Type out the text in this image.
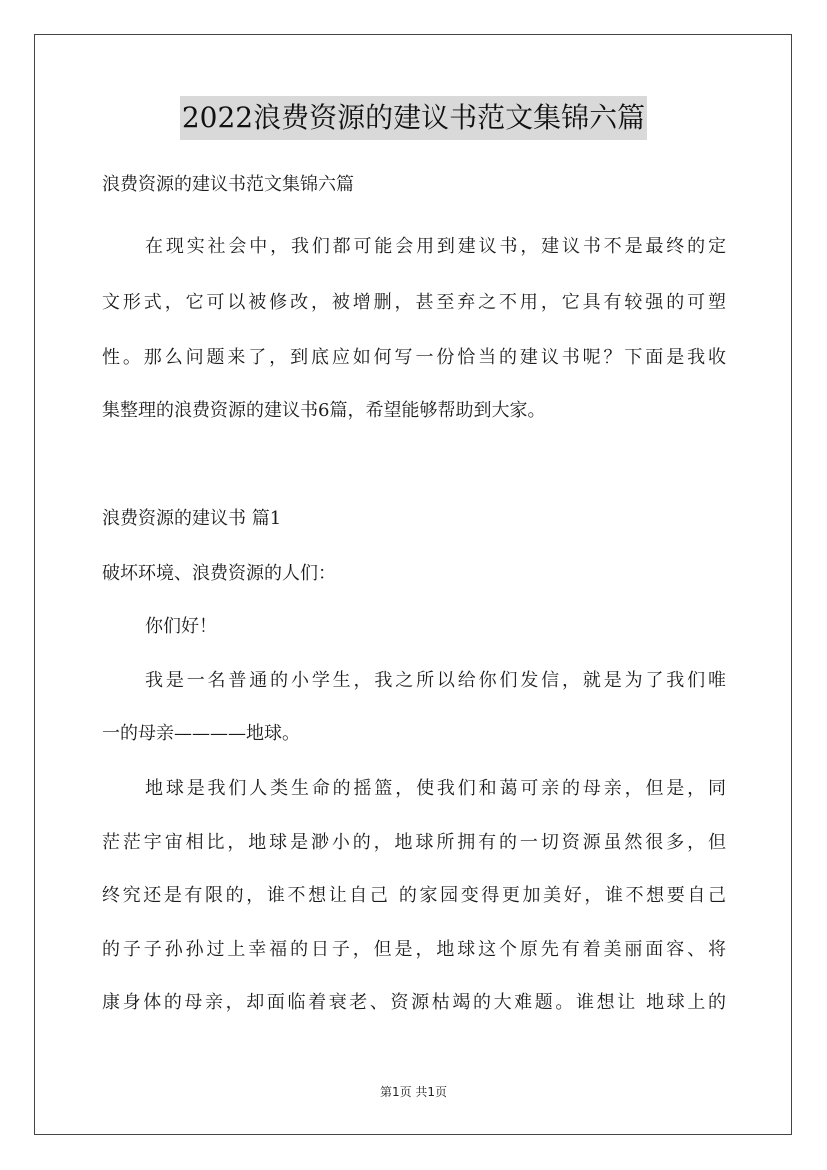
2022浪费资源的建议书范文集锦六篇
浪费资源的建议书范文集锦六篇
在现实社会中，我们都可能会用到建议书，建议书不是最终的定
文形式，它可以被修改，被增删，甚至弃之不用，它具有较强的可塑
性。那么问题来了，到底应如何写一份恰当的建议书呢？下面是我收
集整理的浪费资源的建议书6篇，希望能够帮助到大家。
浪费资源的建议书 篇1
破坏环境、浪费资源的人们：
你们好！
我是一名普通的小学生，我之所以给你们发信，就是为了我们唯
一的母亲————地球。
地球是我们人类生命的摇篮，使我们和蔼可亲的母亲，但是，同
茫茫宇宙相比，地球是渺小的，地球所拥有的一切资源虽然很多，但
终究还是有限的，谁不想让自己 的家园变得更加美好，谁不想要自己
的子子孙孙过上幸福的日子，但是，地球这个原先有着美丽面容、将
康身体的母亲，却面临着衰老、资源枯竭的大难题。谁想让 地球上的
第1页 共1页
